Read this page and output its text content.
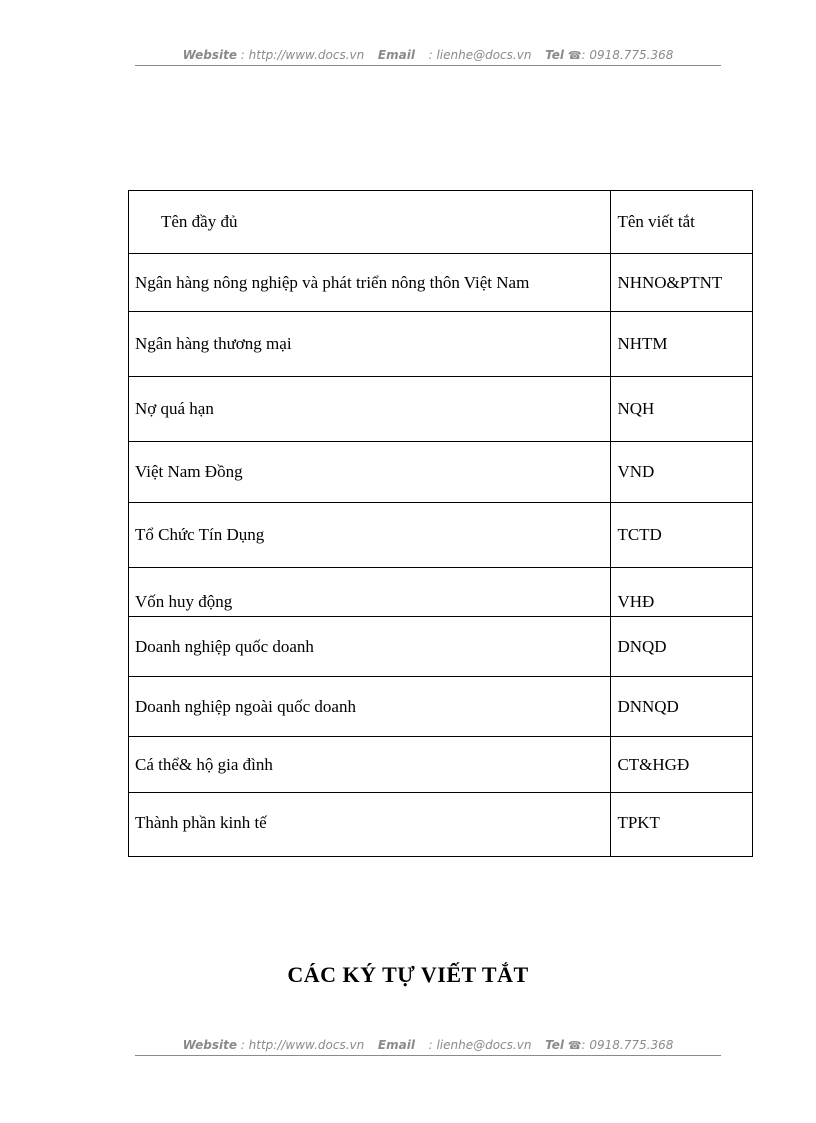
Website : http://www.docs.vn Email : lienhe@docs.vn Tel ☎: 0918.775.368
Tên đầy đủ	Tên viết tắt
Ngân hàng nông nghiệp và phát triển nông thôn Việt Nam	NHNO&PTNT
Ngân hàng thương mại	NHTM
Nợ quá hạn	NQH
Việt Nam Đồng	VND
Tổ Chức Tín Dụng	TCTD
Vốn huy động	VHĐ
Doanh nghiệp quốc doanh	DNQD
Doanh nghiệp ngoài quốc doanh	DNNQD
Cá thể& hộ gia đình	CT&HGĐ
Thành phần kinh tế	TPKT
CÁC KÝ TỰ VIẾT TẮT
Website : http://www.docs.vn Email : lienhe@docs.vn Tel ☎: 0918.775.368
